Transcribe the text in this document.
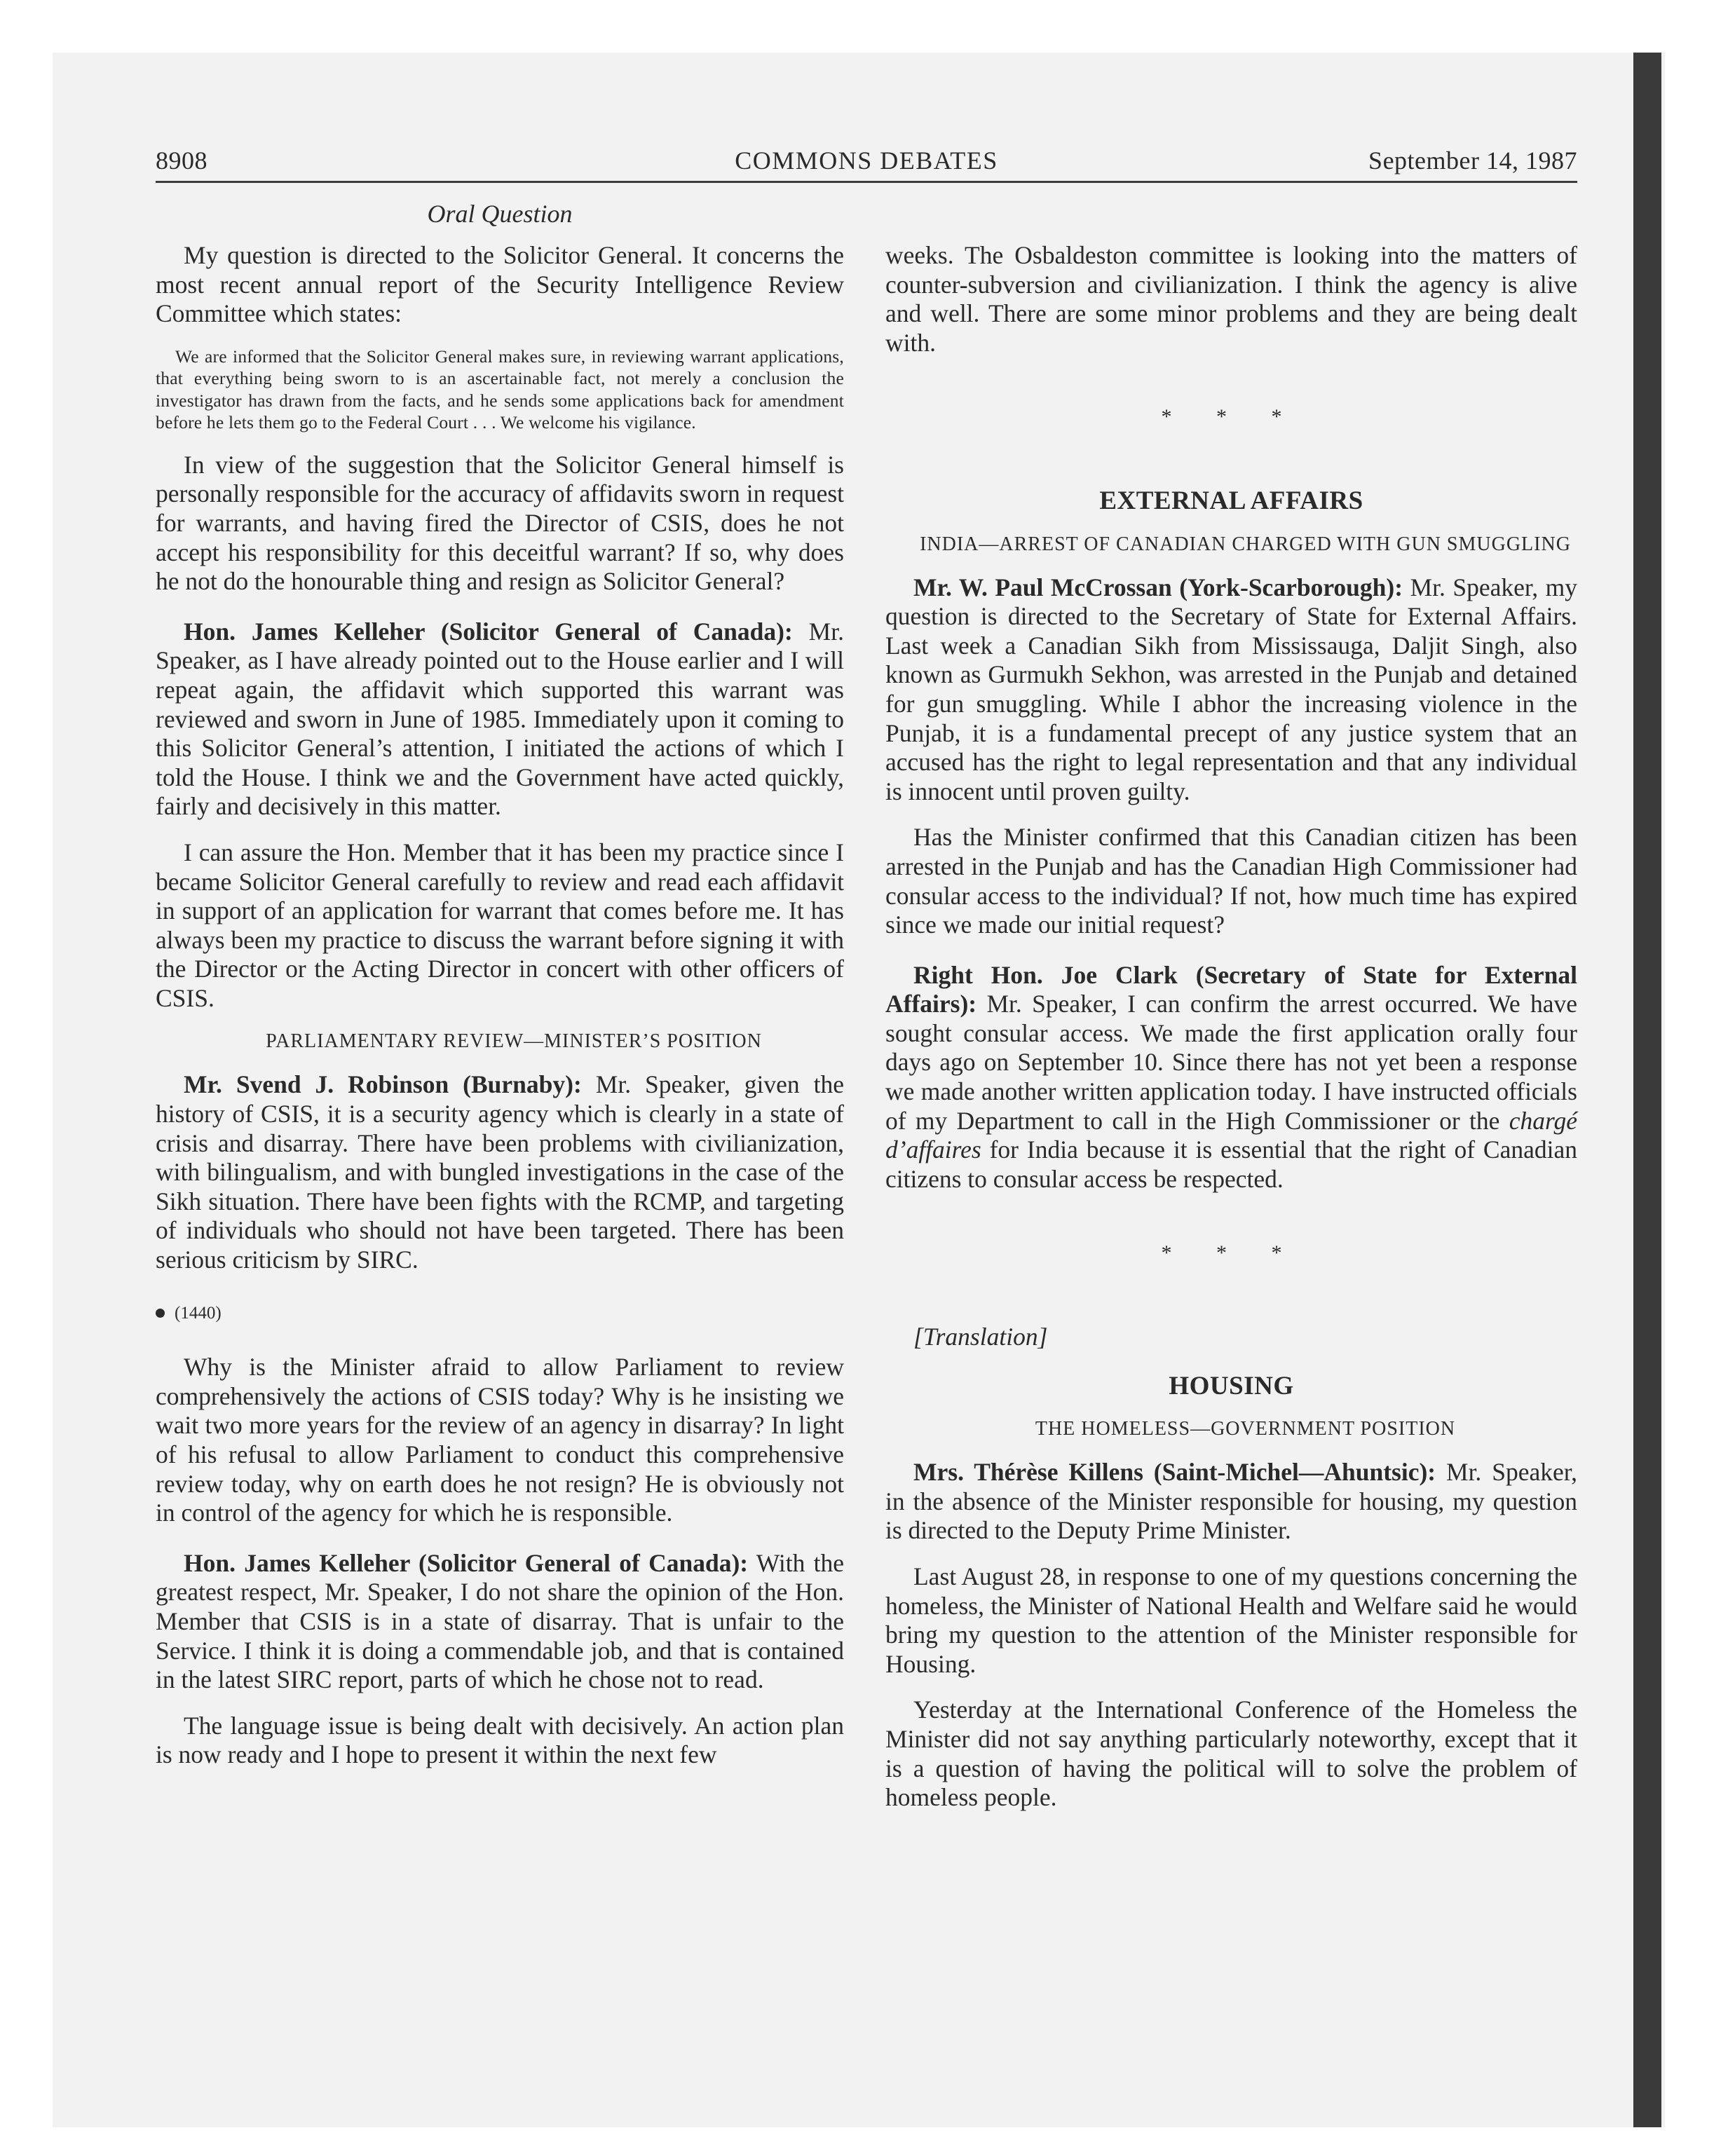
8908	COMMONS DEBATES	September 14, 1987
Oral Question

My question is directed to the Solicitor General. It concerns the most recent annual report of the Security Intelligence Review Committee which states:

We are informed that the Solicitor General makes sure, in reviewing warrant applications, that everything being sworn to is an ascertainable fact, not merely a conclusion the investigator has drawn from the facts, and he sends some applications back for amendment before he lets them go to the Federal Court . . . We welcome his vigilance.

In view of the suggestion that the Solicitor General himself is personally responsible for the accuracy of affidavits sworn in request for warrants, and having fired the Director of CSIS, does he not accept his responsibility for this deceitful warrant? If so, why does he not do the honourable thing and resign as Solicitor General?

Hon. James Kelleher (Solicitor General of Canada): Mr. Speaker, as I have already pointed out to the House earlier and I will repeat again, the affidavit which supported this warrant was reviewed and sworn in June of 1985. Immediately upon it coming to this Solicitor General’s attention, I initiated the actions of which I told the House. I think we and the Government have acted quickly, fairly and decisively in this matter.

I can assure the Hon. Member that it has been my practice since I became Solicitor General carefully to review and read each affidavit in support of an application for warrant that comes before me. It has always been my practice to discuss the warrant before signing it with the Director or the Acting Director in concert with other officers of CSIS.

PARLIAMENTARY REVIEW—MINISTER’S POSITION

Mr. Svend J. Robinson (Burnaby): Mr. Speaker, given the history of CSIS, it is a security agency which is clearly in a state of crisis and disarray. There have been problems with civilianization, with bilingualism, and with bungled investigations in the case of the Sikh situation. There have been fights with the RCMP, and targeting of individuals who should not have been targeted. There has been serious criticism by SIRC.

(1440)

Why is the Minister afraid to allow Parliament to review comprehensively the actions of CSIS today? Why is he insisting we wait two more years for the review of an agency in disarray? In light of his refusal to allow Parliament to conduct this comprehensive review today, why on earth does he not resign? He is obviously not in control of the agency for which he is responsible.

Hon. James Kelleher (Solicitor General of Canada): With the greatest respect, Mr. Speaker, I do not share the opinion of the Hon. Member that CSIS is in a state of disarray. That is unfair to the Service. I think it is doing a commendable job, and that is contained in the latest SIRC report, parts of which he chose not to read.

The language issue is being dealt with decisively. An action plan is now ready and I hope to present it within the next few

weeks. The Osbaldeston committee is looking into the matters of counter-subversion and civilianization. I think the agency is alive and well. There are some minor problems and they are being dealt with.

* * *
EXTERNAL AFFAIRS

INDIA—ARREST OF CANADIAN CHARGED WITH GUN SMUGGLING

Mr. W. Paul McCrossan (York-Scarborough): Mr. Speaker, my question is directed to the Secretary of State for External Affairs. Last week a Canadian Sikh from Mississauga, Daljit Singh, also known as Gurmukh Sekhon, was arrested in the Punjab and detained for gun smuggling. While I abhor the increasing violence in the Punjab, it is a fundamental precept of any justice system that an accused has the right to legal representation and that any individual is innocent until proven guilty.

Has the Minister confirmed that this Canadian citizen has been arrested in the Punjab and has the Canadian High Commissioner had consular access to the individual? If not, how much time has expired since we made our initial request?

Right Hon. Joe Clark (Secretary of State for External Affairs): Mr. Speaker, I can confirm the arrest occurred. We have sought consular access. We made the first application orally four days ago on September 10. Since there has not yet been a response we made another written application today. I have instructed officials of my Department to call in the High Commissioner or the chargé d’affaires for India because it is essential that the right of Canadian citizens to consular access be respected.

* * *

[Translation]

HOUSING

THE HOMELESS—GOVERNMENT POSITION

Mrs. Thérèse Killens (Saint-Michel—Ahuntsic): Mr. Speaker, in the absence of the Minister responsible for housing, my question is directed to the Deputy Prime Minister.

Last August 28, in response to one of my questions concerning the homeless, the Minister of National Health and Welfare said he would bring my question to the attention of the Minister responsible for Housing.

Yesterday at the International Conference of the Homeless the Minister did not say anything particularly noteworthy, except that it is a question of having the political will to solve the problem of homeless people.
